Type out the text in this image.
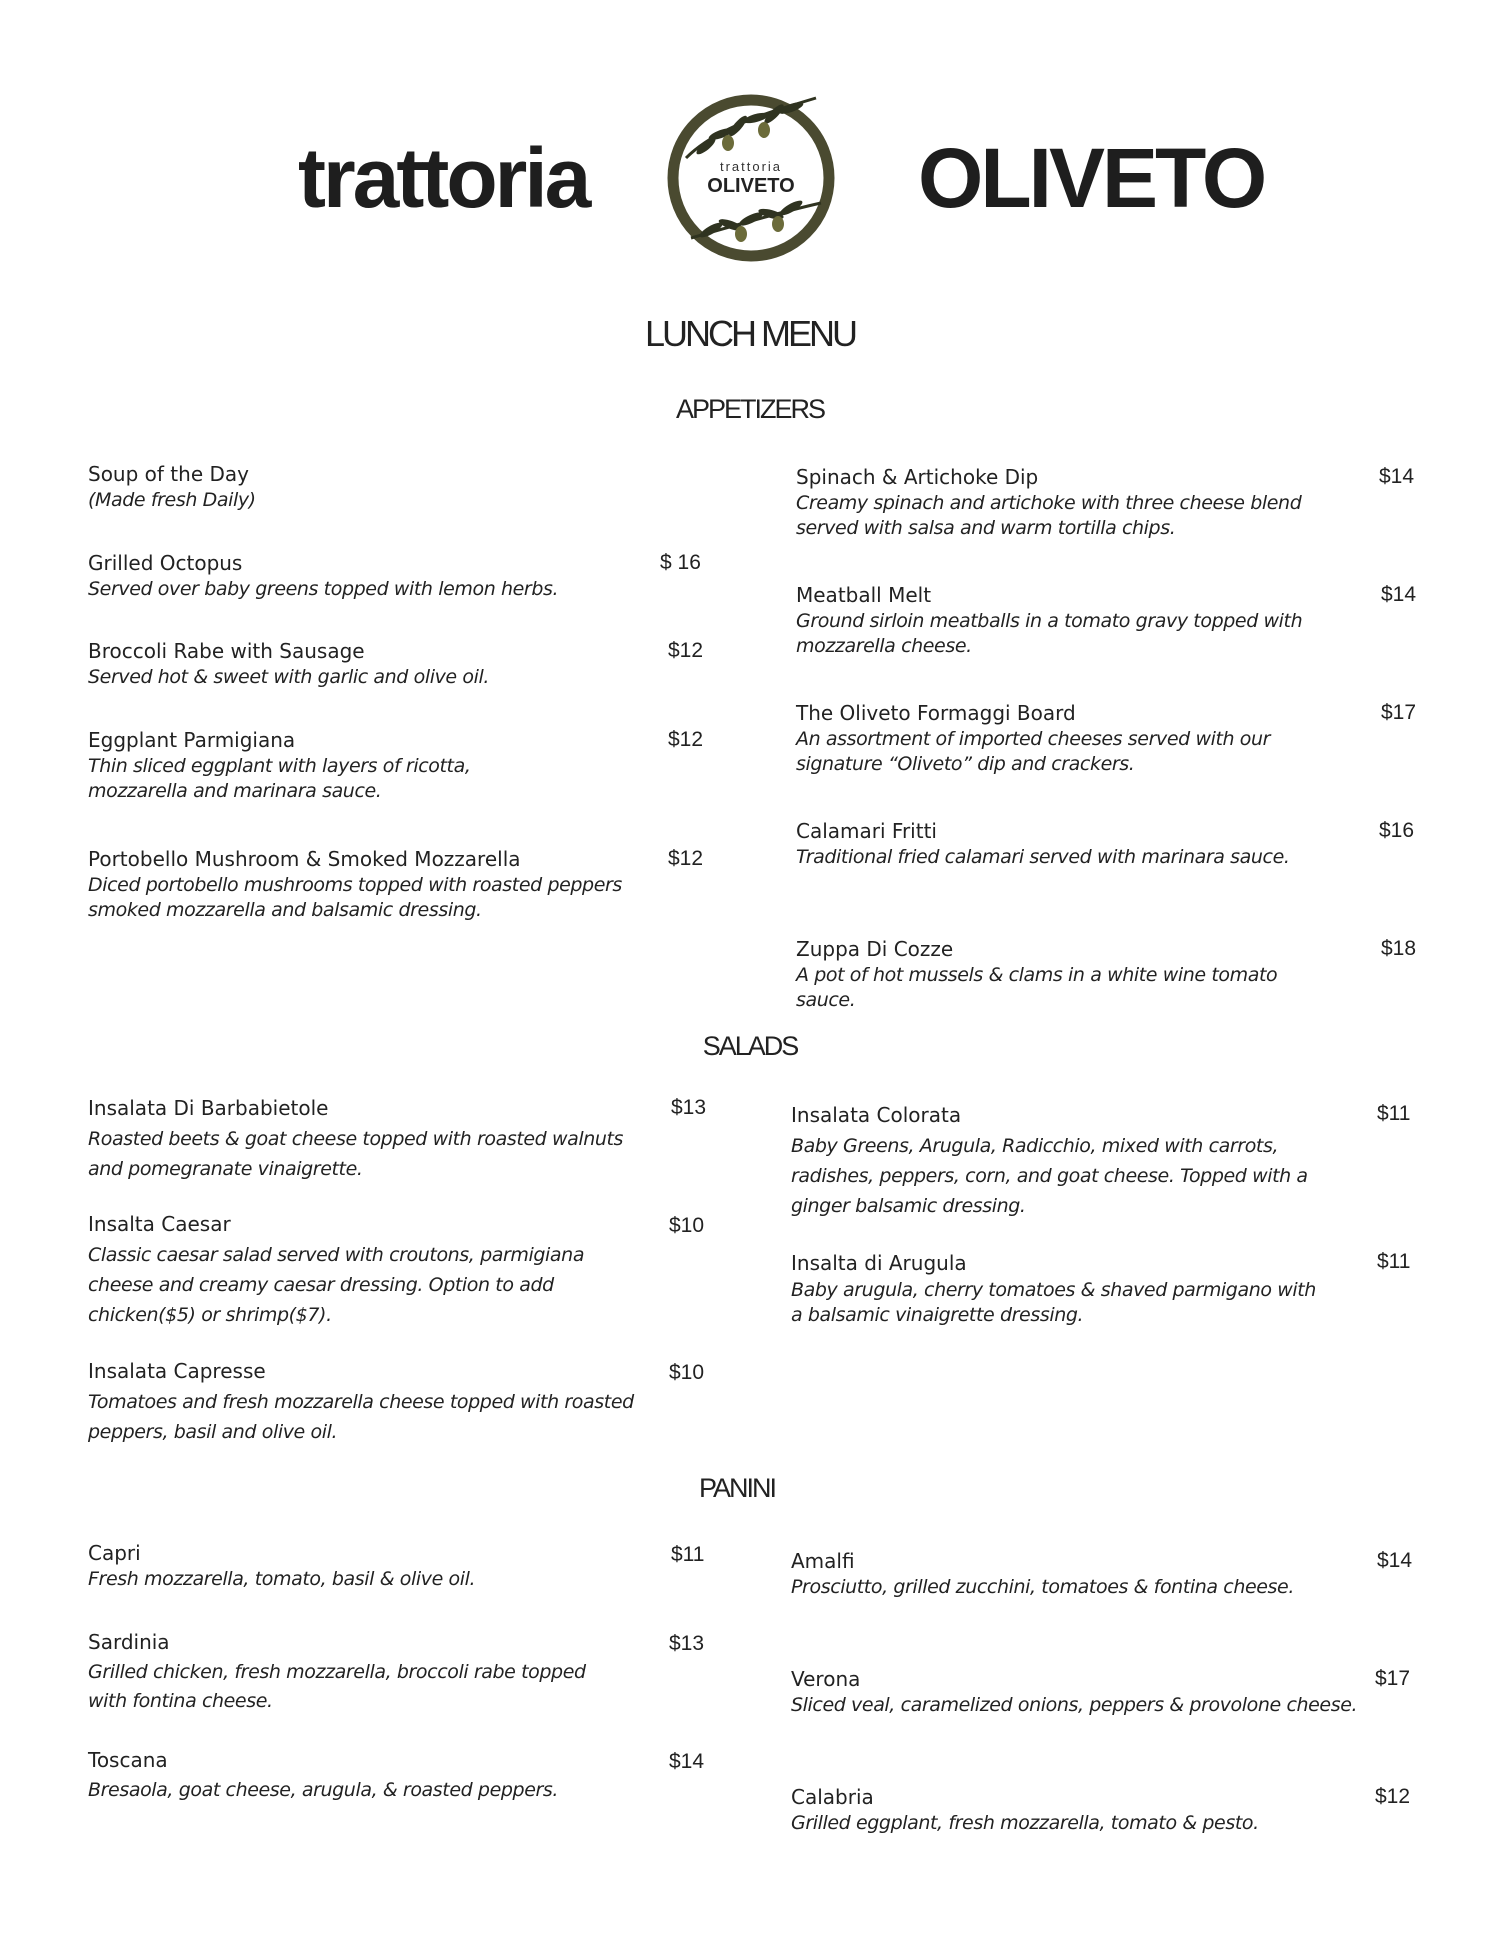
trattoria	OLIVETO
trattoria
OLIVETO
LUNCH MENU
APPETIZERS
Soup of the Day
(Made fresh Daily)
Grilled Octopus
Served over baby greens topped with lemon herbs.
$ 16
Broccoli Rabe with Sausage
Served hot & sweet with garlic and olive oil.
$12
Eggplant Parmigiana
Thin sliced eggplant with layers of ricotta, mozzarella and marinara sauce.
$12
Portobello Mushroom & Smoked Mozzarella
Diced portobello mushrooms topped with roasted peppers smoked mozzarella and balsamic dressing.
$12
Spinach & Artichoke Dip
Creamy spinach and artichoke with three cheese blend served with salsa and warm tortilla chips.
$14
Meatball Melt
Ground sirloin meatballs in a tomato gravy topped with mozzarella cheese.
$14
The Oliveto Formaggi Board
An assortment of imported cheeses served with our signature “Oliveto” dip and crackers.
$17
Calamari Fritti
Traditional fried calamari served with marinara sauce.
$16
Zuppa Di Cozze
A pot of hot mussels & clams in a white wine tomato sauce.
$18
SALADS
Insalata Di Barbabietole
Roasted beets & goat cheese topped with roasted walnuts and pomegranate vinaigrette.
$13
Insalta Caesar
Classic caesar salad served with croutons, parmigiana cheese and creamy caesar dressing. Option to add chicken($5) or shrimp($7).
$10
Insalata Capresse
Tomatoes and fresh mozzarella cheese topped with roasted peppers, basil and olive oil.
$10
Insalata Colorata
Baby Greens, Arugula, Radicchio, mixed with carrots, radishes, peppers, corn, and goat cheese. Topped with a ginger balsamic dressing.
$11
Insalta di Arugula
Baby arugula, cherry tomatoes & shaved parmigano with a balsamic vinaigrette dressing.
$11
PANINI
Capri
Fresh mozzarella, tomato, basil & olive oil.
$11
Sardinia
Grilled chicken, fresh mozzarella, broccoli rabe topped with fontina cheese.
$13
Toscana
Bresaola, goat cheese, arugula, & roasted peppers.
$14
Amalfi
Prosciutto, grilled zucchini, tomatoes & fontina cheese.
$14
Verona
Sliced veal, caramelized onions, peppers & provolone cheese.
$17
Calabria
Grilled eggplant, fresh mozzarella, tomato & pesto.
$12
